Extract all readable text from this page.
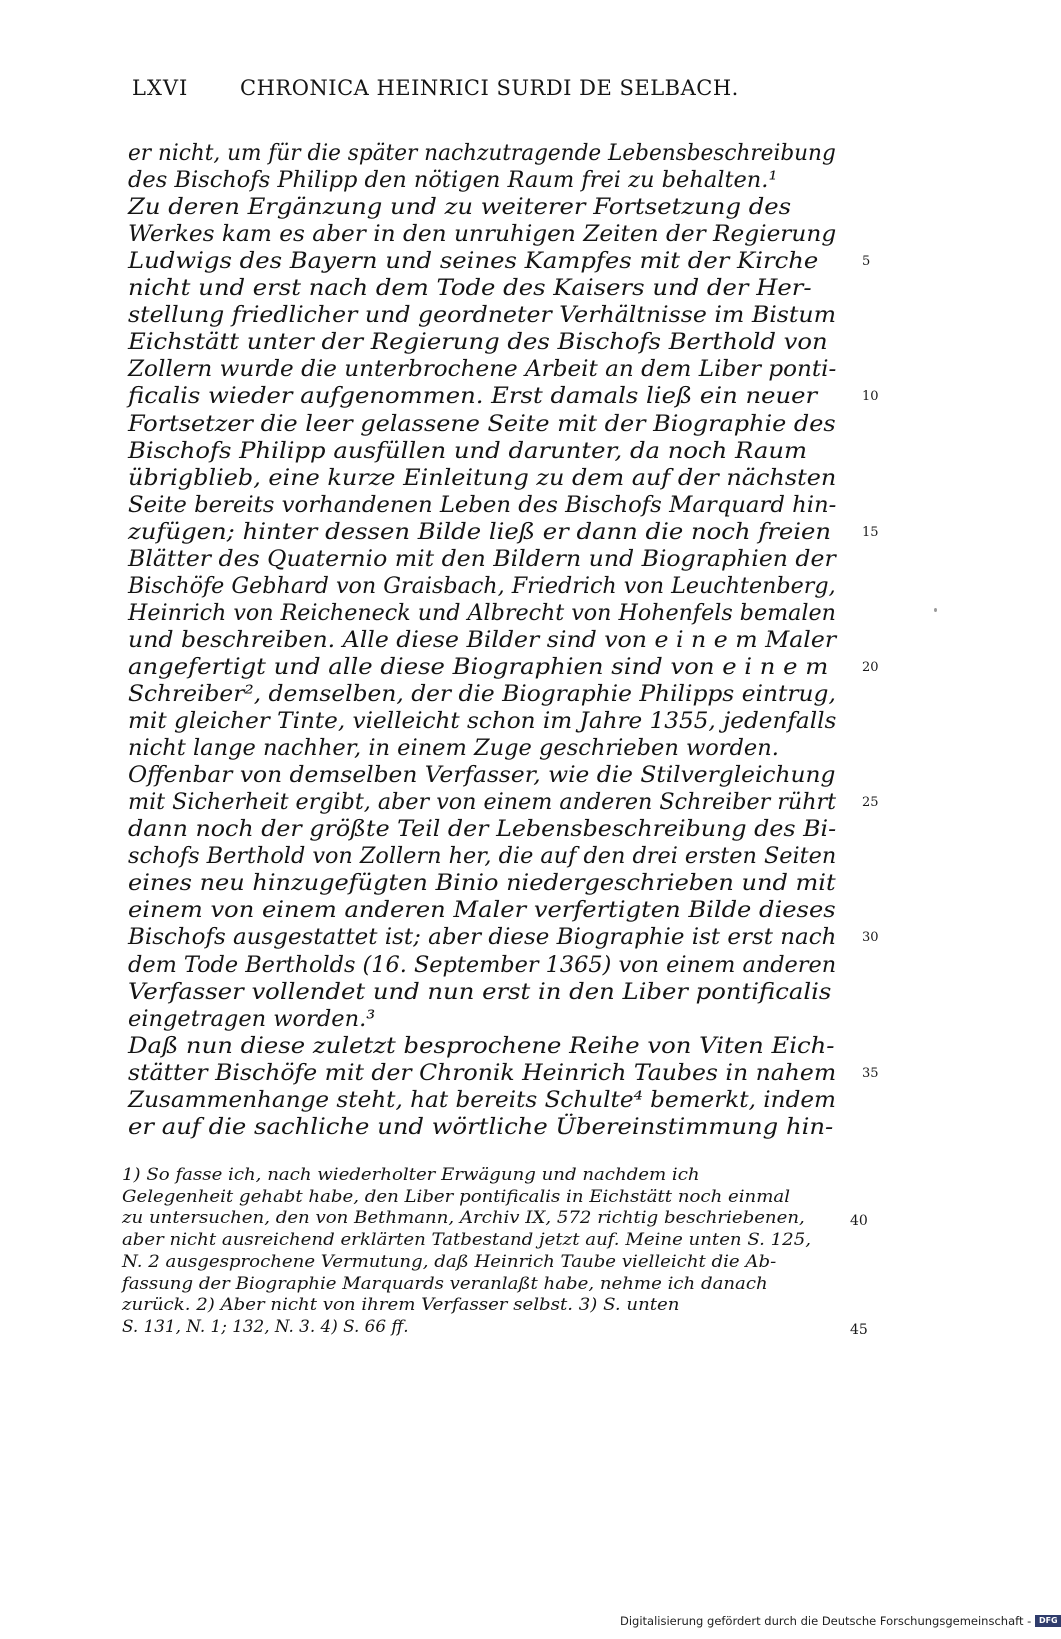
LXVI	CHRONICA HEINRICI SURDI DE SELBACH.
er nicht, um für die später nachzutragende Lebensbeschreibung
des Bischofs Philipp den nötigen Raum frei zu behalten.¹
Zu deren Ergänzung und zu weiterer Fortsetzung des
Werkes kam es aber in den unruhigen Zeiten der Regierung
Ludwigs des Bayern und seines Kampfes mit der Kirche
nicht und erst nach dem Tode des Kaisers und der Her-
stellung friedlicher und geordneter Verhältnisse im Bistum
Eichstätt unter der Regierung des Bischofs Berthold von
Zollern wurde die unterbrochene Arbeit an dem Liber ponti-
ficalis wieder aufgenommen. Erst damals ließ ein neuer
Fortsetzer die leer gelassene Seite mit der Biographie des
Bischofs Philipp ausfüllen und darunter, da noch Raum
übrigblieb, eine kurze Einleitung zu dem auf der nächsten
Seite bereits vorhandenen Leben des Bischofs Marquard hin-
zufügen; hinter dessen Bilde ließ er dann die noch freien
Blätter des Quaternio mit den Bildern und Biographien der
Bischöfe Gebhard von Graisbach, Friedrich von Leuchtenberg,
Heinrich von Reicheneck und Albrecht von Hohenfels bemalen
und beschreiben. Alle diese Bilder sind von e i n e m Maler
angefertigt und alle diese Biographien sind von e i n e m
Schreiber², demselben, der die Biographie Philipps eintrug,
mit gleicher Tinte, vielleicht schon im Jahre 1355, jedenfalls
nicht lange nachher, in einem Zuge geschrieben worden.
Offenbar von demselben Verfasser, wie die Stilvergleichung
mit Sicherheit ergibt, aber von einem anderen Schreiber rührt
dann noch der größte Teil der Lebensbeschreibung des Bi-
schofs Berthold von Zollern her, die auf den drei ersten Seiten
eines neu hinzugefügten Binio niedergeschrieben und mit
einem von einem anderen Maler verfertigten Bilde dieses
Bischofs ausgestattet ist; aber diese Biographie ist erst nach
dem Tode Bertholds (16. September 1365) von einem anderen
Verfasser vollendet und nun erst in den Liber pontificalis
eingetragen worden.³
Daß nun diese zuletzt besprochene Reihe von Viten Eich-
stätter Bischöfe mit der Chronik Heinrich Taubes in nahem
Zusammenhange steht, hat bereits Schulte⁴ bemerkt, indem
er auf die sachliche und wörtliche Übereinstimmung hin-
5
10
15
20
25
30
35
1) So fasse ich, nach wiederholter Erwägung und nachdem ich
Gelegenheit gehabt habe, den Liber pontificalis in Eichstätt noch einmal
zu untersuchen, den von Bethmann, Archiv IX, 572 richtig beschriebenen,
aber nicht ausreichend erklärten Tatbestand jetzt auf. Meine unten S. 125,
N. 2 ausgesprochene Vermutung, daß Heinrich Taube vielleicht die Ab-
fassung der Biographie Marquards veranlaßt habe, nehme ich danach
zurück. 2) Aber nicht von ihrem Verfasser selbst. 3) S. unten
S. 131, N. 1; 132, N. 3. 4) S. 66 ff.
40
45
Digitalisierung gefördert durch die Deutsche Forschungsgemeinschaft - DFG
